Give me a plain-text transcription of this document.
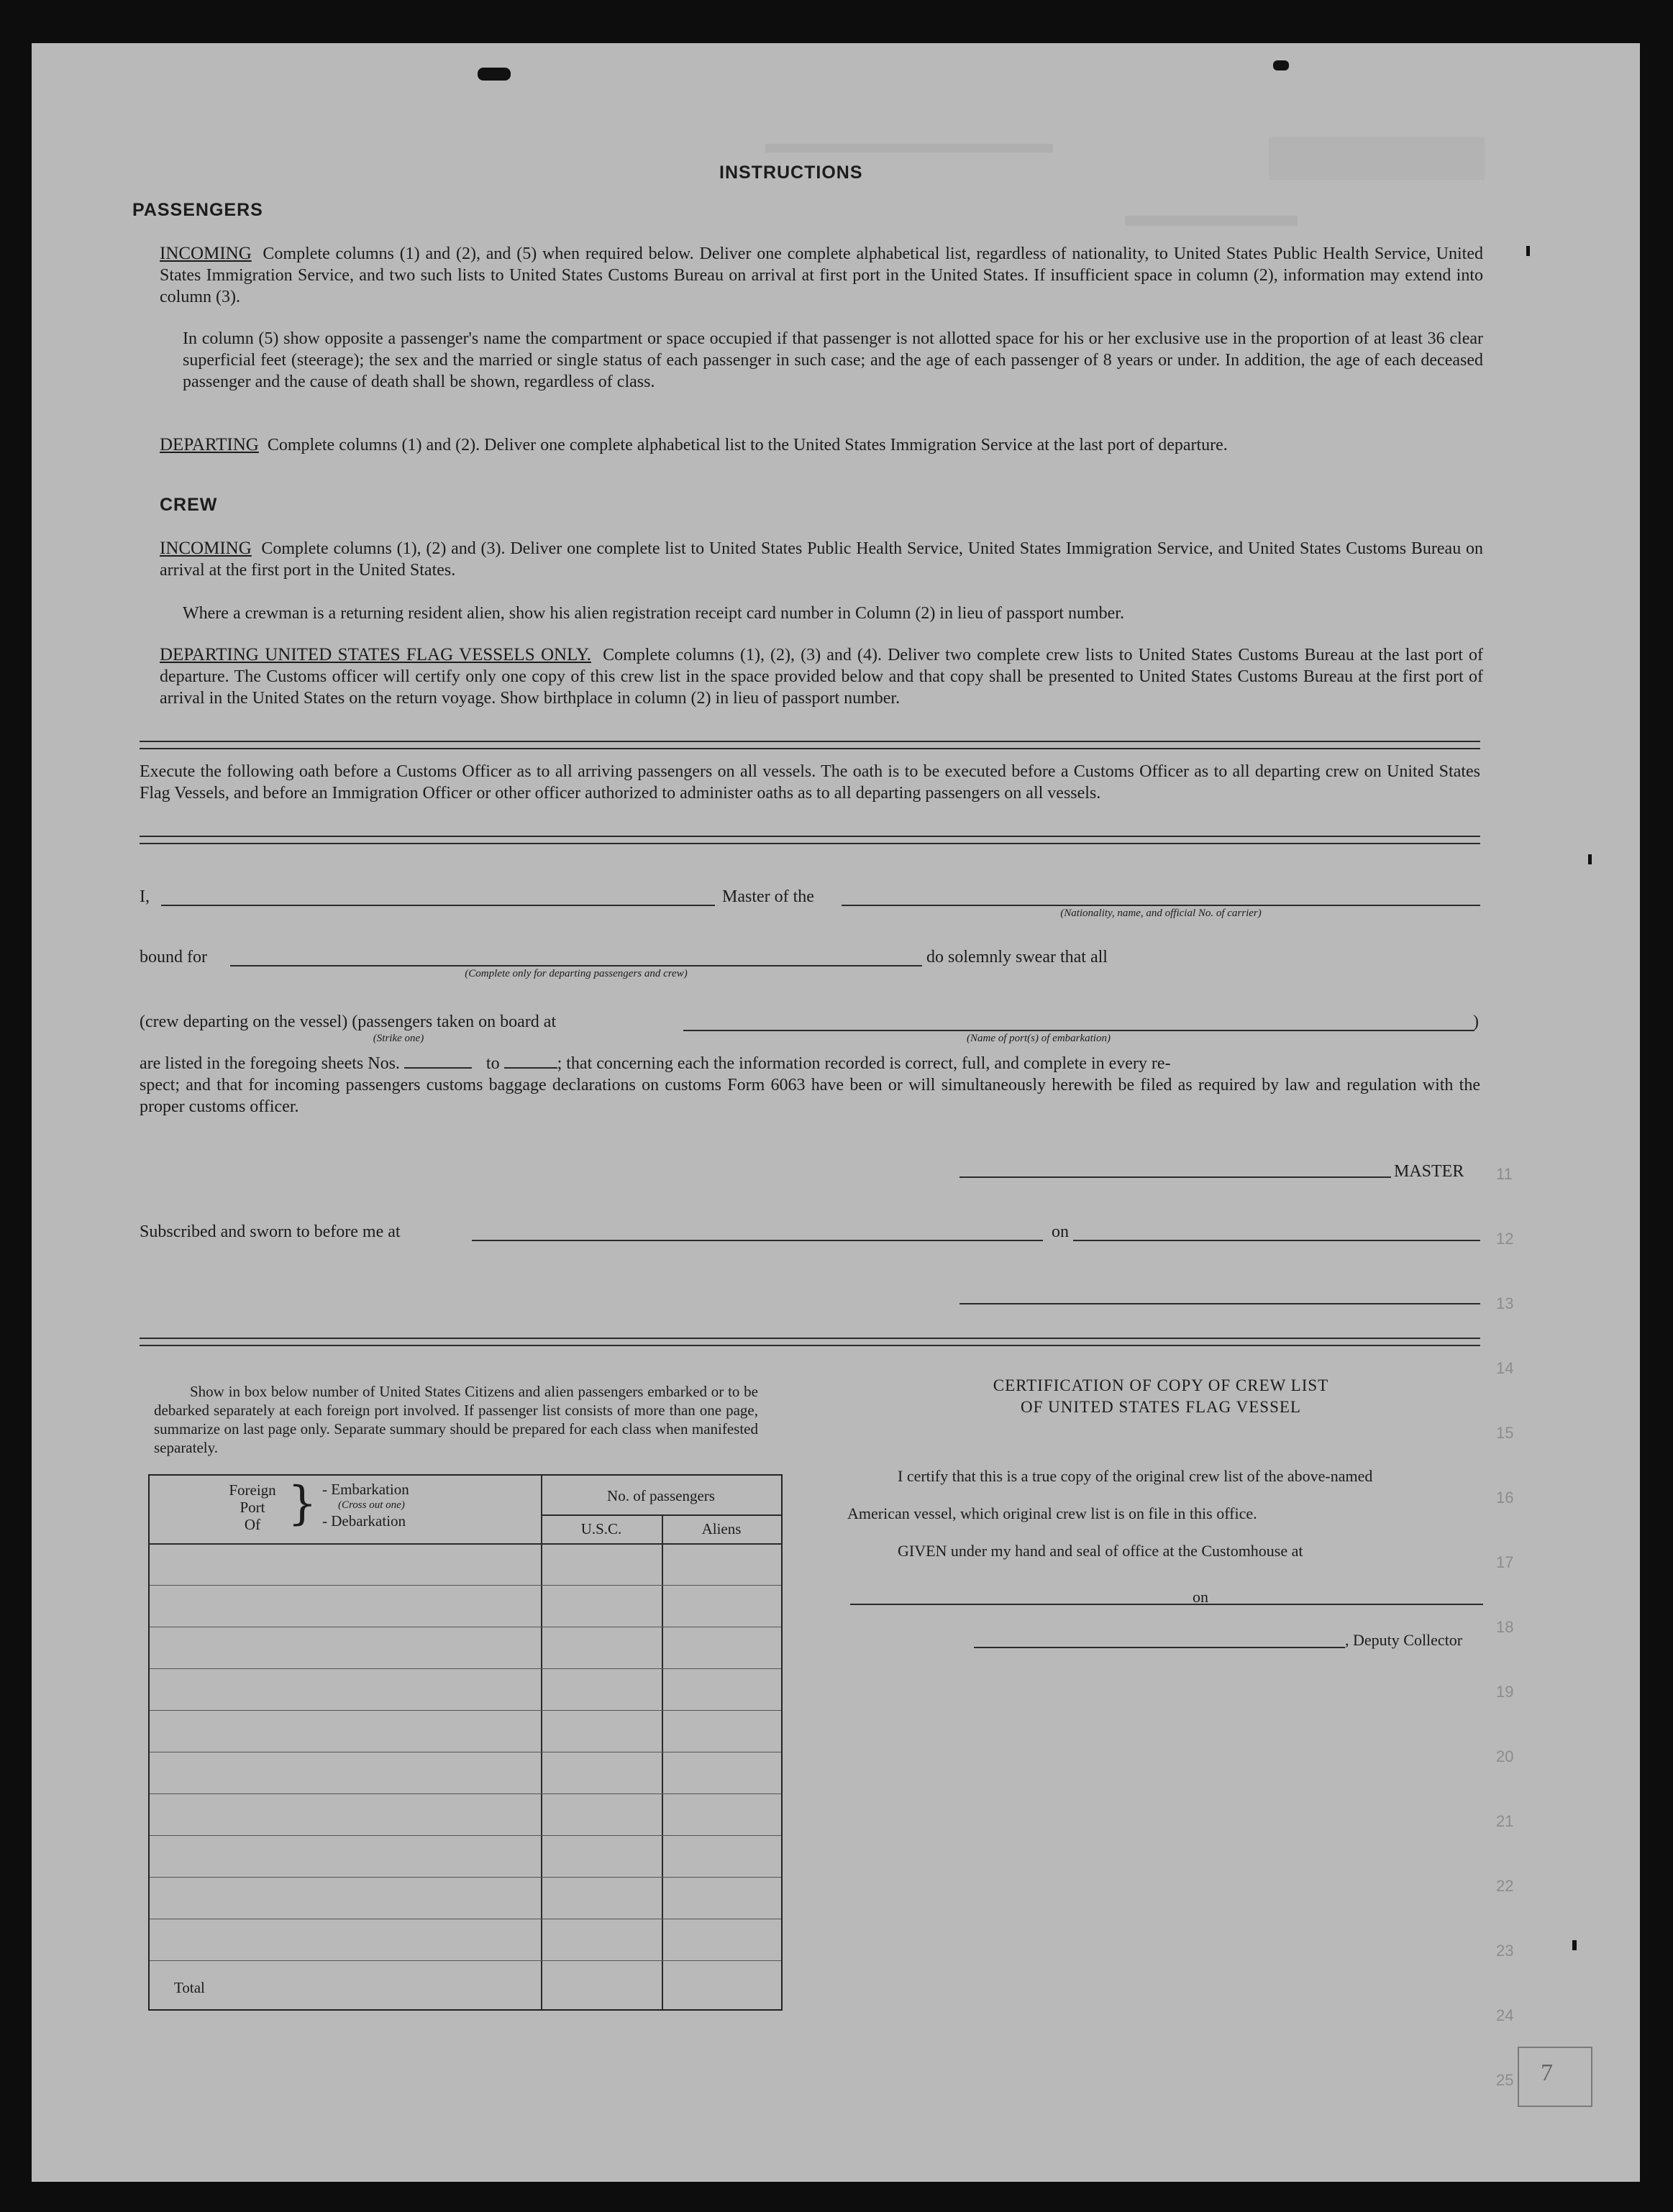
INSTRUCTIONS
PASSENGERS
INCOMING Complete columns (1) and (2), and (5) when required below. Deliver one complete alphabetical list, regardless of nationality, to United States Public Health Service, United States Immigration Service, and two such lists to United States Customs Bureau on arrival at first port in the United States. If insufficient space in column (2), information may extend into column (3).
In column (5) show opposite a passenger's name the compartment or space occupied if that passenger is not allotted space for his or her exclusive use in the proportion of at least 36 clear superficial feet (steerage); the sex and the married or single status of each passenger in such case; and the age of each passenger of 8 years or under. In addition, the age of each deceased passenger and the cause of death shall be shown, regardless of class.
DEPARTING Complete columns (1) and (2). Deliver one complete alphabetical list to the United States Immigration Service at the last port of departure.
CREW
INCOMING Complete columns (1), (2) and (3). Deliver one complete list to United States Public Health Service, United States Immigration Service, and United States Customs Bureau on arrival at the first port in the United States.
Where a crewman is a returning resident alien, show his alien registration receipt card number in Column (2) in lieu of passport number.
DEPARTING UNITED STATES FLAG VESSELS ONLY. Complete columns (1), (2), (3) and (4). Deliver two complete crew lists to United States Customs Bureau at the last port of departure. The Customs officer will certify only one copy of this crew list in the space provided below and that copy shall be presented to United States Customs Bureau at the first port of arrival in the United States on the return voyage. Show birthplace in column (2) in lieu of passport number.
Execute the following oath before a Customs Officer as to all arriving passengers on all vessels. The oath is to be executed before a Customs Officer as to all departing crew on United States Flag Vessels, and before an Immigration Officer or other officer authorized to administer oaths as to all departing passengers on all vessels.
I,	Master of the
(Nationality, name, and official No. of carrier)
bound for
(Complete only for departing passengers and crew)
do solemnly swear that all
(crew departing on the vessel) (passengers taken on board at
(Strike one)	(Name of port(s) of embarkation)
)
are listed in the foregoing sheets Nos.	to	; that concerning each the information recorded is correct, full, and complete in every re-
spect; and that for incoming passengers customs baggage declarations on customs Form 6063 have been or will simultaneously herewith be filed as required by law and regulation with the proper customs officer.
MASTER
Subscribed and sworn to before me at	on
Show in box below number of United States Citizens and alien passengers embarked or to be debarked separately at each foreign port involved. If passenger list consists of more than one page, summarize on last page only. Separate summary should be prepared for each class when manifested separately.
Foreign
Port
Of } - Embarkation
(Cross out one)
- Debarkation
No. of passengers
U.S.C.	Aliens
Total
CERTIFICATION OF COPY OF CREW LIST
OF UNITED STATES FLAG VESSEL
I certify that this is a true copy of the original crew list of the above-named
American vessel, which original crew list is on file in this office.
GIVEN under my hand and seal of office at the Customhouse at
on
, Deputy Collector
11
12
13
14
15
16
17
18
19
20
21
22
23
24
25 7
